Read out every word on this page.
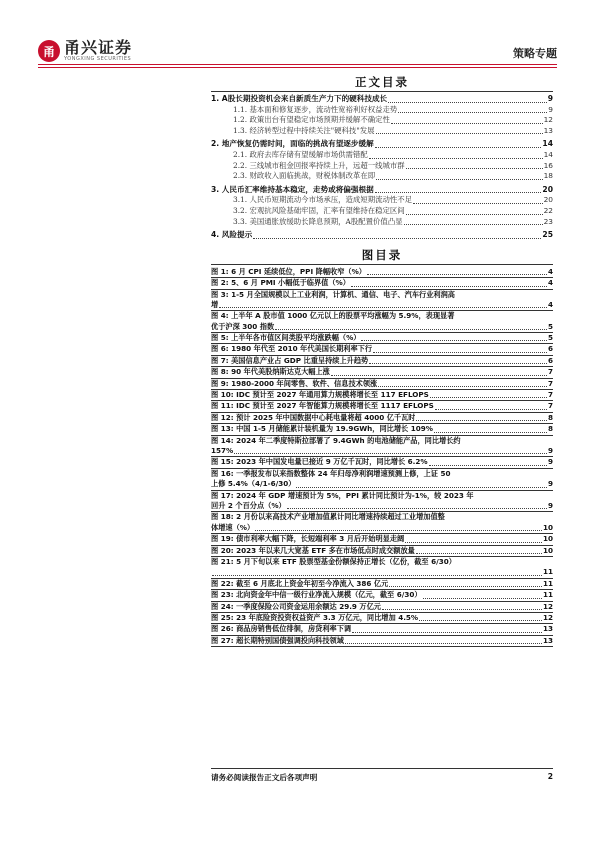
甬 甬兴证券
YONGXING SECURITIES	策略专题
正文目录
1. A股长期投资机会来自新质生产力下的硬科技成长	9
1.1. 基本面和修复逐步，流动性宽裕利好权益走势	9
1.2. 政策出台有望稳定市场预期并缓解不确定性	12
1.3. 经济转型过程中持续关注"硬科技"发展	13
2. 地产恢复仍需时间，面临的挑战有望逐步缓解	14
2.1. 政府去库存储有望缓解市场供需错配	14
2.2. 三线城市租金回报率持续上升，远超一线城市群	16
2.3. 财政收入面临挑战，财税体制改革在即	18
3. 人民币汇率维持基本稳定，走势或将偏强根据	20
3.1. 人民币短期流动今市场承压，造成短期流动性不足	20
3.2. 宏观抗风险基础牢固，汇率有望维持在稳定区间	22
3.3. 美国通胀放缓助长降息预期，A股配置价值凸显	23
4. 风险提示	25
图目录
图 1: 6 月 CPI 延续低位，PPI 降幅收窄（%）	4
图 2: 5、6 月 PMI 小幅低于临界值（%）	4
图 3: 1-5 月全国规模以上工业利润，计算机、通信、电子、汽车行业利润高
增	4
图 4: 上半年 A 股市值 1000 亿元以上的股票平均涨幅为 5.9%，表现显著
优于沪深 300 指数	5
图 5: 上半年各市值区间类股平均涨跌幅（%）	5
图 6: 1980 年代至 2010 年代美国长期利率下行	6
图 7: 美国信息产业占 GDP 比重呈持续上升趋势	6
图 8: 90 年代美股纳斯达克大幅上涨	7
图 9: 1980-2000 年间零售、软件、信息技术领涨	7
图 10: IDC 预计至 2027 年通用算力规模将增长至 117 EFLOPS	7
图 11: IDC 预计至 2027 年智能算力规模将增长至 1117 EFLOPS	7
图 12: 预计 2025 年中国数据中心耗电量将超 4000 亿千瓦时	8
图 13: 中国 1-5 月储能累计装机量为 19.9GWh，同比增长 109%	8
图 14: 2024 年二季度特斯拉部署了 9.4GWh 的电池储能产品，同比增长约
157%	9
图 15: 2023 年中国发电量已接近 9 万亿千瓦时，同比增长 6.2%	9
图 16: 一季报发布以来指数整体 24 年归母净利润增速预测上修，上证 50
上修 5.4%（4/1-6/30）	9
图 17: 2024 年 GDP 增速预计为 5%，PPI 累计同比预计为-1%，较 2023 年
回升 2 个百分点（%）	9
图 18: 2 月份以来高技术产业增加值累计同比增速持续超过工业增加值整
体增速（%）	10
图 19: 债市利率大幅下降，长短端利率 3 月后开始明显走阔	10
图 20: 2023 年以来几大宽基 ETF 多在市场低点时成交额放量	10
图 21: 5 月下旬以来 ETF 股票型基金份额保持正增长（亿份，截至 6/30）
11
图 22: 截至 6 月底北上资金年初至今净流入 386 亿元	11
图 23: 北向资金年中信一级行业净流入规模（亿元，截至 6/30）	11
图 24: 一季度保险公司资金运用余额达 29.9 万亿元	12
图 25: 23 年底险资投资权益资产 3.3 万亿元，同比增加 4.5%	12
图 26: 商品房销售低位徘徊，房贷利率下调	13
图 27: 超长期特别国债强调投向科技领域	13
请务必阅读报告正文后各项声明	2
